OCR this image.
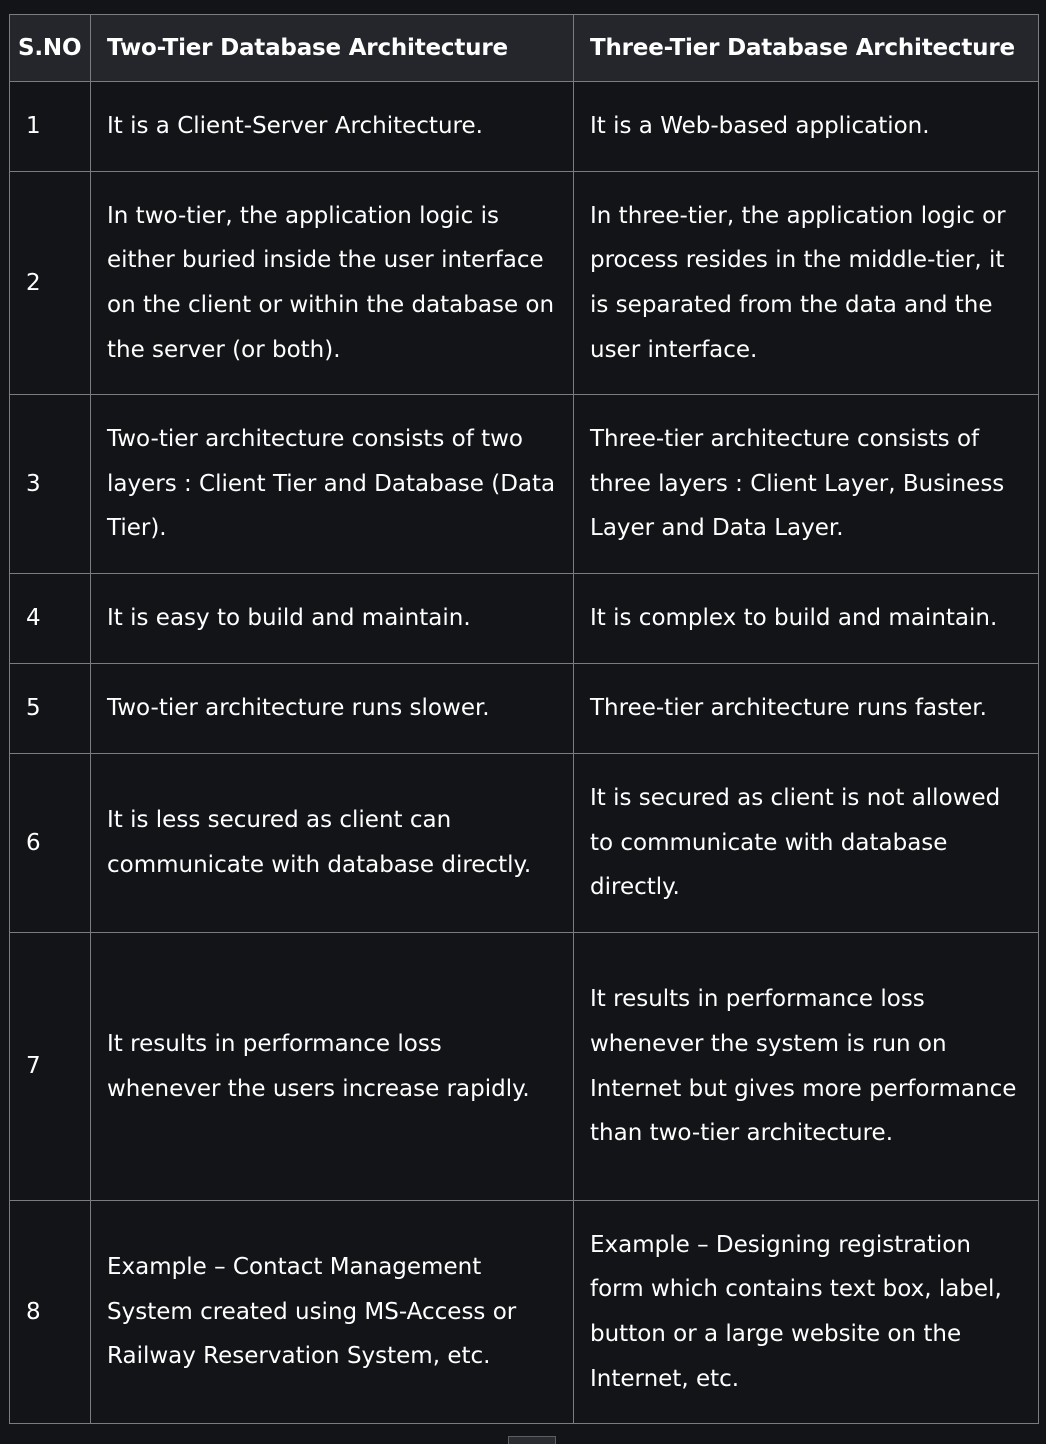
S.NO	Two-Tier Database Architecture	Three-Tier Database Architecture
1	It is a Client-Server Architecture.	It is a Web-based application.

2	In two-tier, the application logic is either buried inside the user interface on the client or within the database on the server (or both).	In three-tier, the application logic or process resides in the middle-tier, it is separated from the data and the user interface.

3	Two-tier architecture consists of two layers : Client Tier and Database (Data Tier).	Three-tier architecture consists of three layers : Client Layer, Business Layer and Data Layer.

4	It is easy to build and maintain.	It is complex to build and maintain.

5	Two-tier architecture runs slower.	Three-tier architecture runs faster.

6	It is less secured as client can communicate with database directly.	It is secured as client is not allowed to communicate with database directly.

7	It results in performance loss whenever the users increase rapidly.	It results in performance loss whenever the system is run on Internet but gives more performance than two-tier architecture.

8	Example – Contact Management System created using MS-Access or Railway Reservation System, etc.	Example – Designing registration form which contains text box, label, button or a large website on the Internet, etc.
